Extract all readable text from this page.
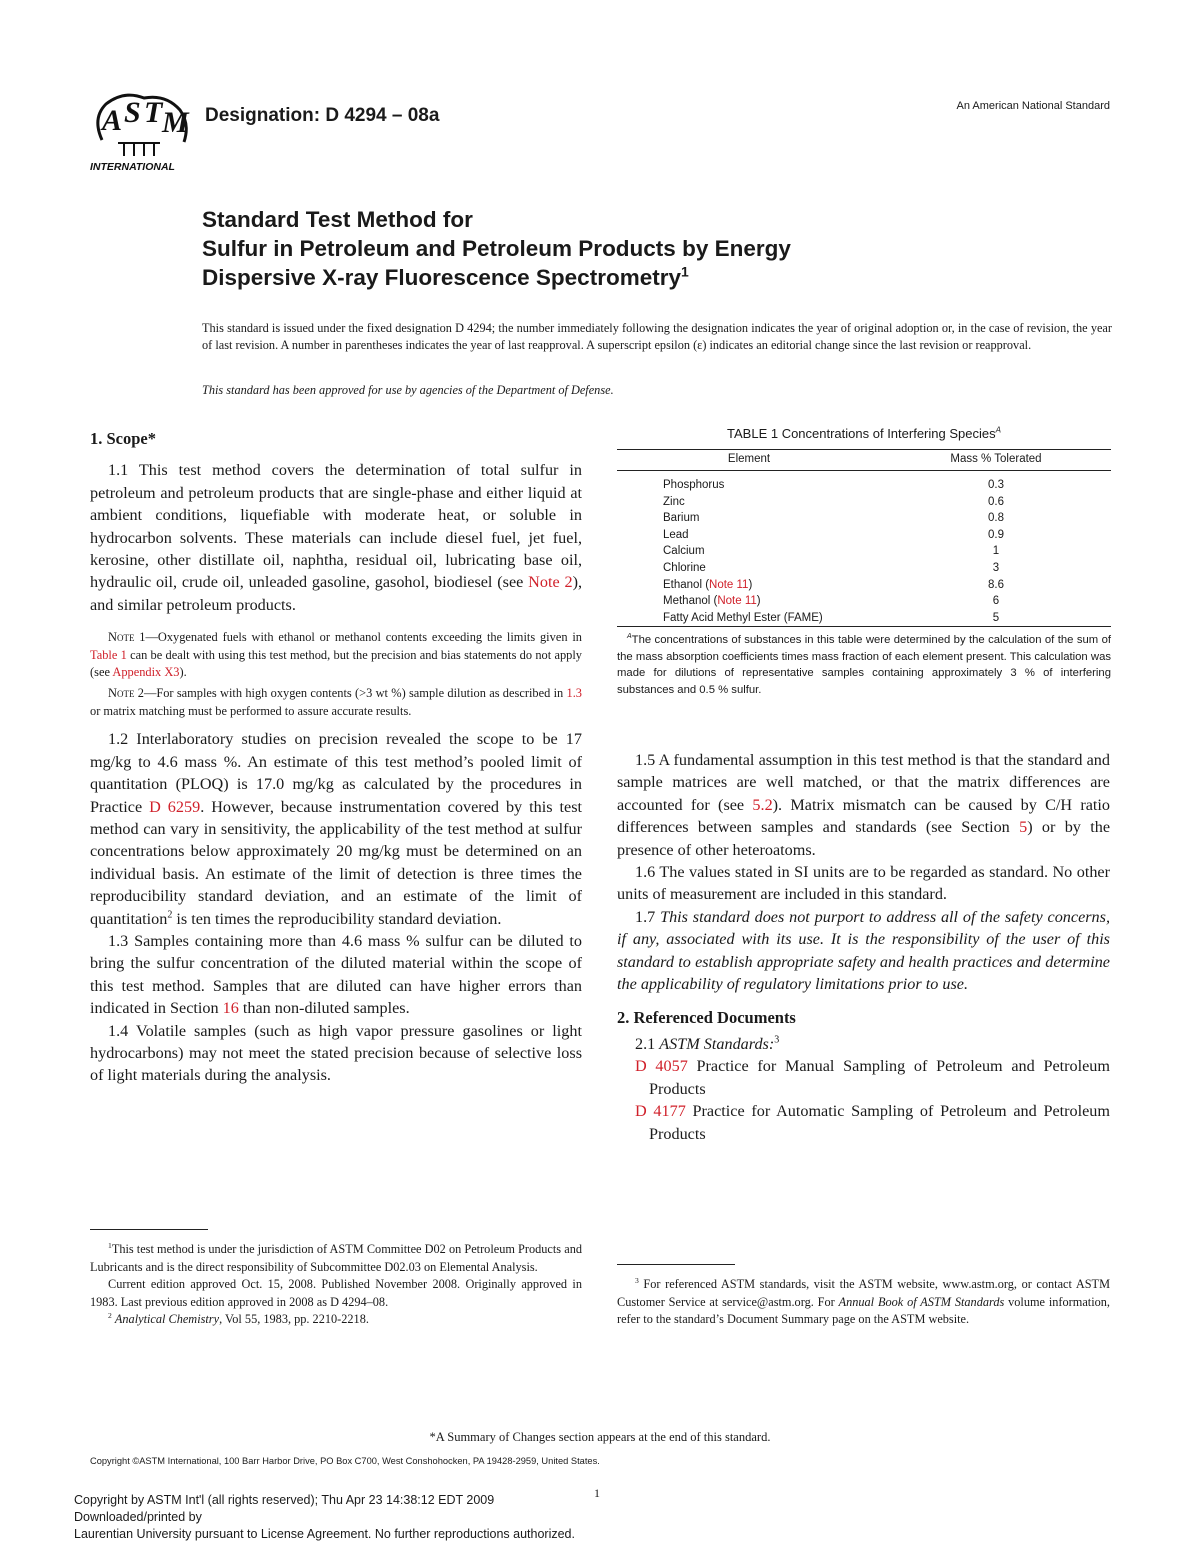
A S T M
INTERNATIONAL
Designation: D 4294 – 08a	An American National Standard
Standard Test Method for
Sulfur in Petroleum and Petroleum Products by Energy
Dispersive X-ray Fluorescence Spectrometry$^1$
This standard is issued under the fixed designation D 4294; the number immediately following the designation indicates the year of original adoption or, in the case of revision, the year of last revision. A number in parentheses indicates the year of last reapproval. A superscript epsilon (ε) indicates an editorial change since the last revision or reapproval.
This standard has been approved for use by agencies of the Department of Defense.

1. Scope*

1.1 This test method covers the determination of total sulfur in petroleum and petroleum products that are single-phase and either liquid at ambient conditions, liquefiable with moderate heat, or soluble in hydrocarbon solvents. These materials can include diesel fuel, jet fuel, kerosine, other distillate oil, naphtha, residual oil, lubricating base oil, hydraulic oil, crude oil, unleaded gasoline, gasohol, biodiesel (see Note 2), and similar petroleum products.

Note 1—Oxygenated fuels with ethanol or methanol contents exceeding the limits given in Table 1 can be dealt with using this test method, but the precision and bias statements do not apply (see Appendix X3).

Note 2—For samples with high oxygen contents (>3 wt %) sample dilution as described in 1.3 or matrix matching must be performed to assure accurate results.

1.2 Interlaboratory studies on precision revealed the scope to be 17 mg/kg to 4.6 mass %. An estimate of this test method’s pooled limit of quantitation (PLOQ) is 17.0 mg/kg as calculated by the procedures in Practice D 6259. However, because instrumentation covered by this test method can vary in sensitivity, the applicability of the test method at sulfur concentrations below approximately 20 mg/kg must be determined on an individual basis. An estimate of the limit of detection is three times the reproducibility standard deviation, and an estimate of the limit of quantitation$^2$ is ten times the reproducibility standard deviation.

1.3 Samples containing more than 4.6 mass % sulfur can be diluted to bring the sulfur concentration of the diluted material within the scope of this test method. Samples that are diluted can have higher errors than indicated in Section 16 than non-diluted samples.

1.4 Volatile samples (such as high vapor pressure gasolines or light hydrocarbons) may not meet the stated precision because of selective loss of light materials during the analysis.

$^1$This test method is under the jurisdiction of ASTM Committee D02 on Petroleum Products and Lubricants and is the direct responsibility of Subcommittee D02.03 on Elemental Analysis.

Current edition approved Oct. 15, 2008. Published November 2008. Originally approved in 1983. Last previous edition approved in 2008 as D 4294–08.

$^2$ Analytical Chemistry, Vol 55, 1983, pp. 2210-2218.

TABLE 1 Concentrations of Interfering Species$^A$
Element	Mass % Tolerated
Phosphorus	0.3
Zinc	0.6
Barium	0.8
Lead	0.9
Calcium	1
Chlorine	3
Ethanol (Note 11)	8.6
Methanol (Note 11)	6
Fatty Acid Methyl Ester (FAME)	5
$^A$The concentrations of substances in this table were determined by the calculation of the sum of the mass absorption coefficients times mass fraction of each element present. This calculation was made for dilutions of representative samples containing approximately 3 % of interfering substances and 0.5 % sulfur.

1.5 A fundamental assumption in this test method is that the standard and sample matrices are well matched, or that the matrix differences are accounted for (see 5.2). Matrix mismatch can be caused by C/H ratio differences between samples and standards (see Section 5) or by the presence of other heteroatoms.

1.6 The values stated in SI units are to be regarded as standard. No other units of measurement are included in this standard.

1.7 This standard does not purport to address all of the safety concerns, if any, associated with its use. It is the responsibility of the user of this standard to establish appropriate safety and health practices and determine the applicability of regulatory limitations prior to use.

2. Referenced Documents

2.1 ASTM Standards:$^3$

D 4057 Practice for Manual Sampling of Petroleum and Petroleum Products

D 4177 Practice for Automatic Sampling of Petroleum and Petroleum Products

$^3$ For referenced ASTM standards, visit the ASTM website, www.astm.org, or contact ASTM Customer Service at service@astm.org. For Annual Book of ASTM Standards volume information, refer to the standard’s Document Summary page on the ASTM website.

*A Summary of Changes section appears at the end of this standard.
Copyright ©ASTM International, 100 Barr Harbor Drive, PO Box C700, West Conshohocken, PA 19428-2959, United States.
1
Copyright by ASTM Int'l (all rights reserved); Thu Apr 23 14:38:12 EDT 2009
Downloaded/printed by
Laurentian University pursuant to License Agreement. No further reproductions authorized.
